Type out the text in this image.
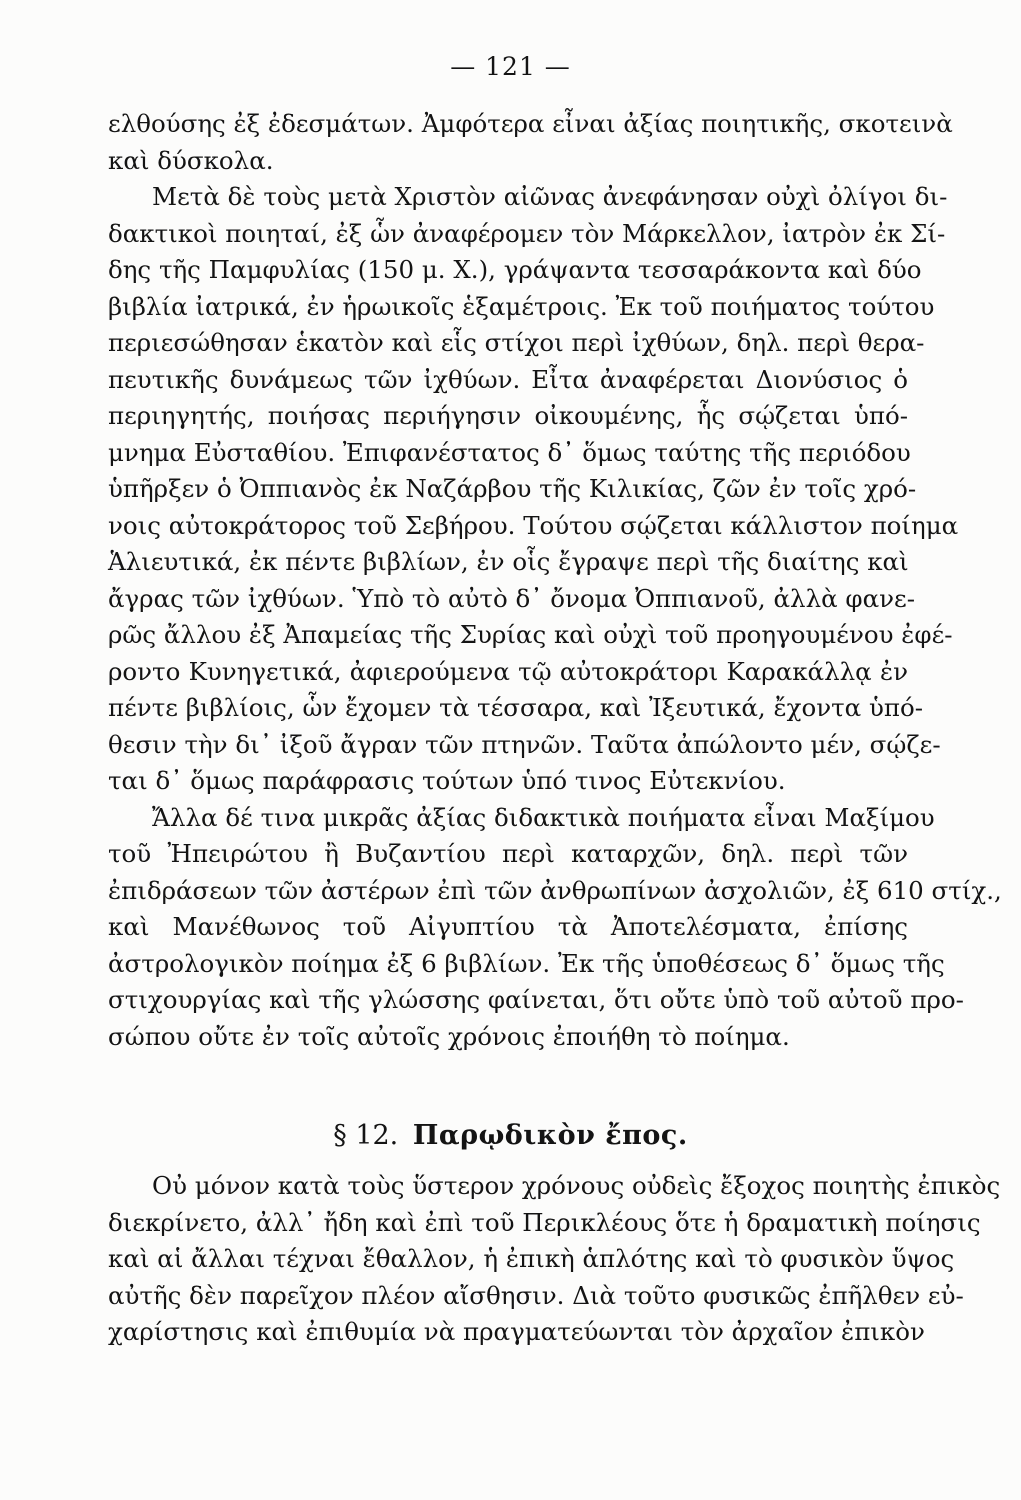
— 121 —
ελθούσης ἐξ ἐδεσμάτων. Ἀμφότερα εἶναι ἀξίας ποιητικῆς, σκοτεινὰ
καὶ δύσκολα.
Μετὰ δὲ τοὺς μετὰ Χριστὸν αἰῶνας ἀνεφάνησαν οὐχὶ ὀλίγοι δι-
δακτικοὶ ποιηταί, ἐξ ὧν ἀναφέρομεν τὸν Μάρκελλον, ἰατρὸν ἐκ Σί-
δης τῆς Παμφυλίας (150 μ. Χ.), γράψαντα τεσσαράκοντα καὶ δύο
βιβλία ἰατρικά, ἐν ἡρωικοῖς ἑξαμέτροις. Ἐκ τοῦ ποιήματος τούτου
περιεσώθησαν ἑκατὸν καὶ εἷς στίχοι περὶ ἰχθύων, δηλ. περὶ θερα-
πευτικῆς δυνάμεως τῶν ἰχθύων. Εἶτα ἀναφέρεται Διονύσιος ὁ
περιηγητής, ποιήσας περιήγησιν οἰκουμένης, ἧς σῴζεται ὑπό-
μνημα Εὐσταθίου. Ἐπιφανέστατος δ᾽ ὅμως ταύτης τῆς περιόδου
ὑπῆρξεν ὁ Ὀππιανὸς ἐκ Ναζάρβου τῆς Κιλικίας, ζῶν ἐν τοῖς χρό-
νοις αὐτοκράτορος τοῦ Σεβήρου. Τούτου σῴζεται κάλλιστον ποίημα
Ἁλιευτικά, ἐκ πέντε βιβλίων, ἐν οἷς ἔγραψε περὶ τῆς διαίτης καὶ
ἄγρας τῶν ἰχθύων. Ὑπὸ τὸ αὐτὸ δ᾽ ὄνομα Ὀππιανοῦ, ἀλλὰ φανε-
ρῶς ἄλλου ἐξ Ἀπαμείας τῆς Συρίας καὶ οὐχὶ τοῦ προηγουμένου ἐφέ-
ροντο Κυνηγετικά, ἀφιερούμενα τῷ αὐτοκράτορι Καρακάλλᾳ ἐν
πέντε βιβλίοις, ὧν ἔχομεν τὰ τέσσαρα, καὶ Ἰξευτικά, ἔχοντα ὑπό-
θεσιν τὴν δι᾽ ἰξοῦ ἄγραν τῶν πτηνῶν. Ταῦτα ἀπώλοντο μέν, σῴζε-
ται δ᾽ ὅμως παράφρασις τούτων ὑπό τινος Εὐτεκνίου.
Ἄλλα δέ τινα μικρᾶς ἀξίας διδακτικὰ ποιήματα εἶναι Μαξίμου
τοῦ Ἠπειρώτου ἢ Βυζαντίου περὶ καταρχῶν, δηλ. περὶ τῶν
ἐπιδράσεων τῶν ἀστέρων ἐπὶ τῶν ἀνθρωπίνων ἀσχολιῶν, ἐξ 610 στίχ.,
καὶ Μανέθωνος τοῦ Αἰγυπτίου τὰ Ἀποτελέσματα, ἐπίσης
ἀστρολογικὸν ποίημα ἐξ 6 βιβλίων. Ἐκ τῆς ὑποθέσεως δ᾽ ὅμως τῆς
στιχουργίας καὶ τῆς γλώσσης φαίνεται, ὅτι οὔτε ὑπὸ τοῦ αὐτοῦ προ-
σώπου οὔτε ἐν τοῖς αὐτοῖς χρόνοις ἐποιήθη τὸ ποίημα.
§ 12. Παρῳδικὸν ἔπος.
Οὐ μόνον κατὰ τοὺς ὕστερον χρόνους οὐδεὶς ἔξοχος ποιητὴς ἐπικὸς
διεκρίνετο, ἀλλ᾽ ἤδη καὶ ἐπὶ τοῦ Περικλέους ὅτε ἡ δραματικὴ ποίησις
καὶ αἱ ἄλλαι τέχναι ἔθαλλον, ἡ ἐπικὴ ἁπλότης καὶ τὸ φυσικὸν ὕψος
αὐτῆς δὲν παρεῖχον πλέον αἴσθησιν. Διὰ τοῦτο φυσικῶς ἐπῆλθεν εὐ-
χαρίστησις καὶ ἐπιθυμία νὰ πραγματεύωνται τὸν ἀρχαῖον ἐπικὸν
